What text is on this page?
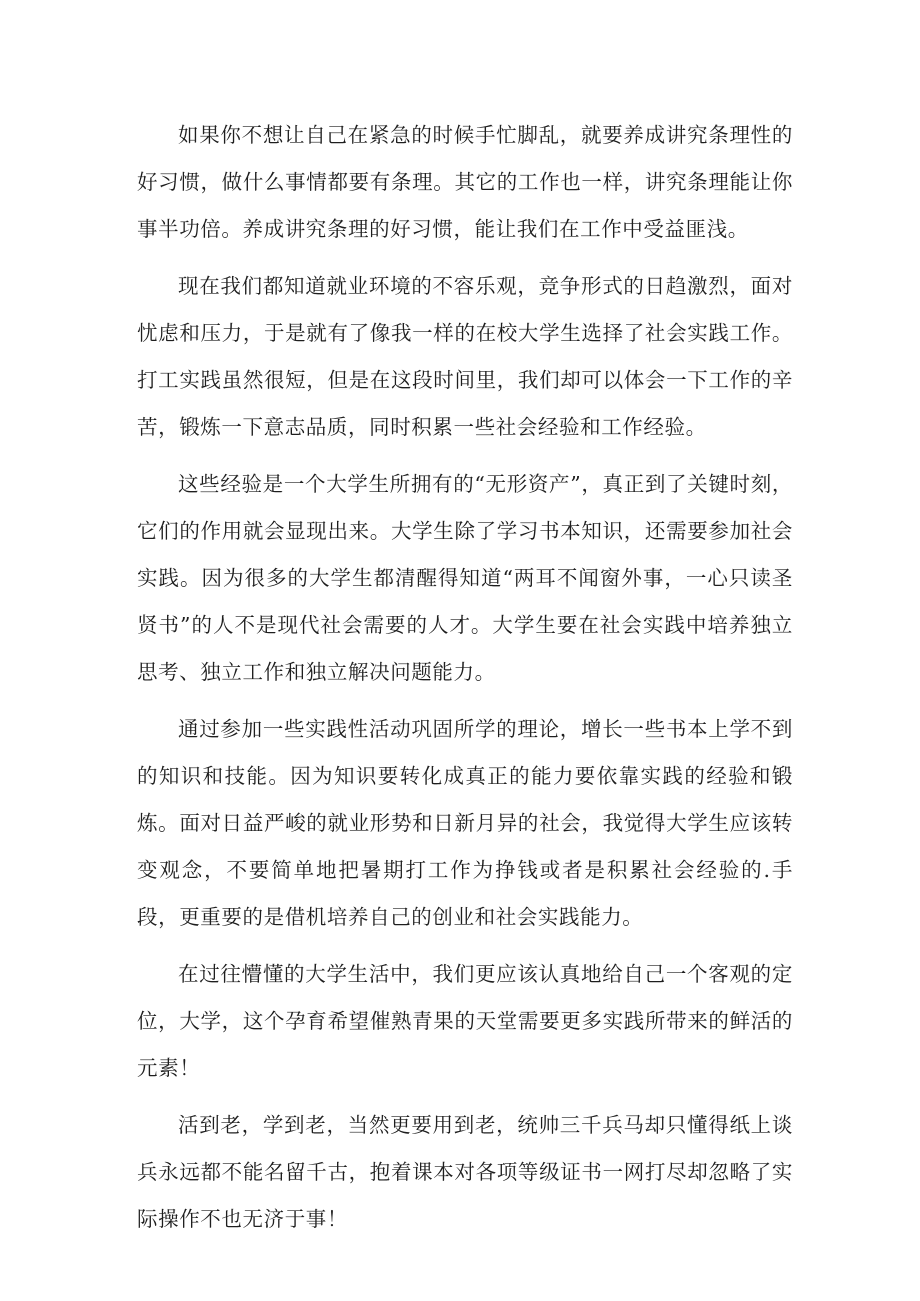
如果你不想让自己在紧急的时候手忙脚乱，就要养成讲究条理性的好习惯，做什么事情都要有条理。其它的工作也一样，讲究条理能让你事半功倍。养成讲究条理的好习惯，能让我们在工作中受益匪浅。

现在我们都知道就业环境的不容乐观，竞争形式的日趋激烈，面对忧虑和压力，于是就有了像我一样的在校大学生选择了社会实践工作。打工实践虽然很短，但是在这段时间里，我们却可以体会一下工作的辛苦，锻炼一下意志品质，同时积累一些社会经验和工作经验。

这些经验是一个大学生所拥有的“无形资产”，真正到了关键时刻，它们的作用就会显现出来。大学生除了学习书本知识，还需要参加社会实践。因为很多的大学生都清醒得知道“两耳不闻窗外事，一心只读圣贤书”的人不是现代社会需要的人才。大学生要在社会实践中培养独立思考、独立工作和独立解决问题能力。

通过参加一些实践性活动巩固所学的理论，增长一些书本上学不到的知识和技能。因为知识要转化成真正的能力要依靠实践的经验和锻炼。面对日益严峻的就业形势和日新月异的社会，我觉得大学生应该转变观念，不要简单地把暑期打工作为挣钱或者是积累社会经验的.手段，更重要的是借机培养自己的创业和社会实践能力。

在过往懵懂的大学生活中，我们更应该认真地给自己一个客观的定位，大学，这个孕育希望催熟青果的天堂需要更多实践所带来的鲜活的元素！

活到老，学到老，当然更要用到老，统帅三千兵马却只懂得纸上谈兵永远都不能名留千古，抱着课本对各项等级证书一网打尽却忽略了实际操作不也无济于事！
